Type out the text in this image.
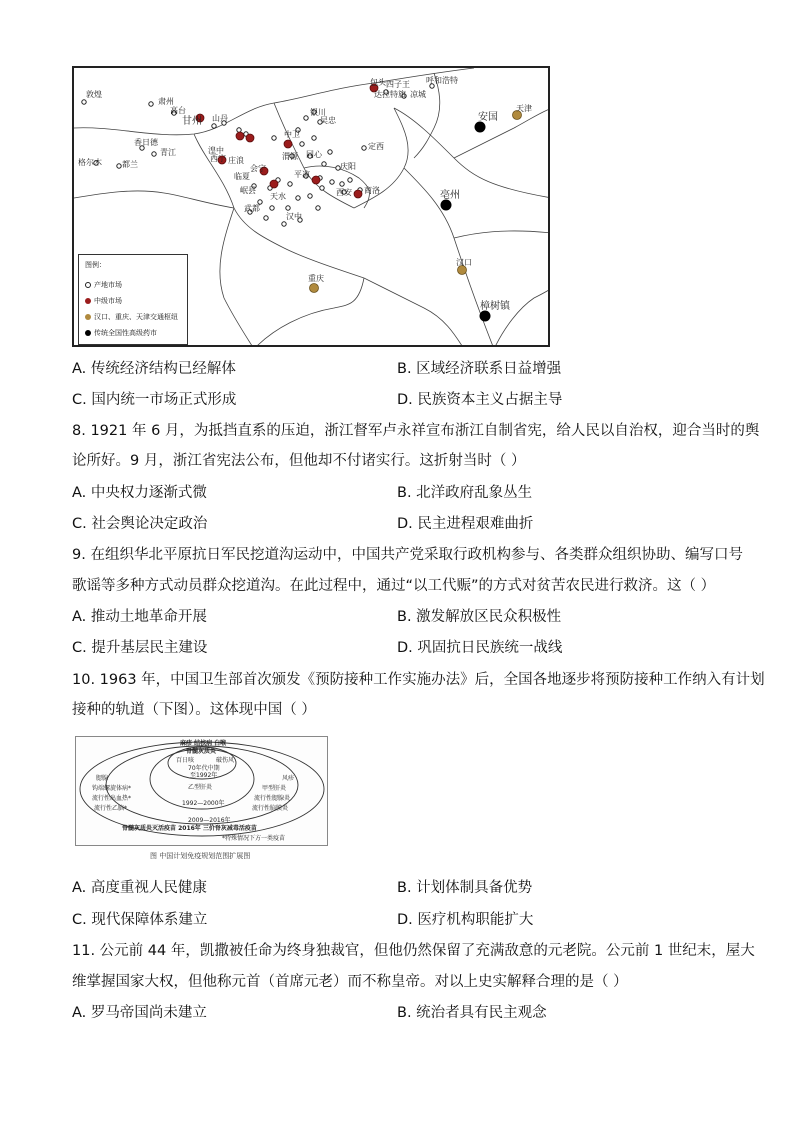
敦煌
肃州
高台
甘州 山丹
格尔木	都兰
香日德
青江	湟中
西宁 庄浪
临夏
岷县
渭源
中卫
同心
银川
吴忠
定西
庆阳
平凉
会宁
天水
武都
汉中
西安 商洛
包头 四子王
达拉特旗 凉城
呼和浩特
天津
安国
亳州
汉口
重庆
樟树镇
图例：
产地市场
中级市场
汉口、重庆、天津交通枢纽
传统全国性高级药市
A. 传统经济结构已经解体	B. 区域经济联系日益增强
C. 国内统一市场正式形成	D. 民族资本主义占据主导
8. 1921 年 6 月，为抵挡直系的压迫，浙江督军卢永祥宣布浙江自制省宪，给人民以自治权，迎合当时的舆
论所好。9 月，浙江省宪法公布，但他却不付诸实行。这折射当时（ ）
A. 中央权力逐渐式微	B. 北洋政府乱象丛生
C. 社会舆论决定政治	D. 民主进程艰难曲折
9. 在组织华北平原抗日军民挖道沟运动中，中国共产党采取行政机构参与、各类群众组织协助、编写口号
歌谣等多种方式动员群众挖道沟。在此过程中，通过“以工代赈”的方式对贫苦农民进行救济。这（ ）
A. 推动土地革命开展	B. 激发解放区民众积极性
C. 提升基层民主建设	D. 巩固抗日民族统一战线
10. 1963 年，中国卫生部首次颁发《预防接种工作实施办法》后，全国各地逐步将预防接种工作纳入有计划
接种的轨道（下图）。这体现中国（ ）
麻疹 结核病 白喉
脊髓灰质炎
百日咳	破伤风
70年代中期
至1992年
乙型肝炎
1992—2000年
腮腺
钩端螺旋体病*
流行性出血热*
流行性乙脑*
风疹
甲型肝炎
流行性腮腺炎
流行性脑膜炎
2009—2016年
脊髓灰质炎灭活疫苗 2016年 三价脊灰减毒活疫苗
*特殊情况下方一类疫苗
图 中国计划免疫规划范围扩展图
A. 高度重视人民健康	B. 计划体制具备优势
C. 现代保障体系建立	D. 医疗机构职能扩大
11. 公元前 44 年，凯撒被任命为终身独裁官，但他仍然保留了充满敌意的元老院。公元前 1 世纪末，屋大
维掌握国家大权，但他称元首（首席元老）而不称皇帝。对以上史实解释合理的是（ ）
A. 罗马帝国尚未建立	B. 统治者具有民主观念
